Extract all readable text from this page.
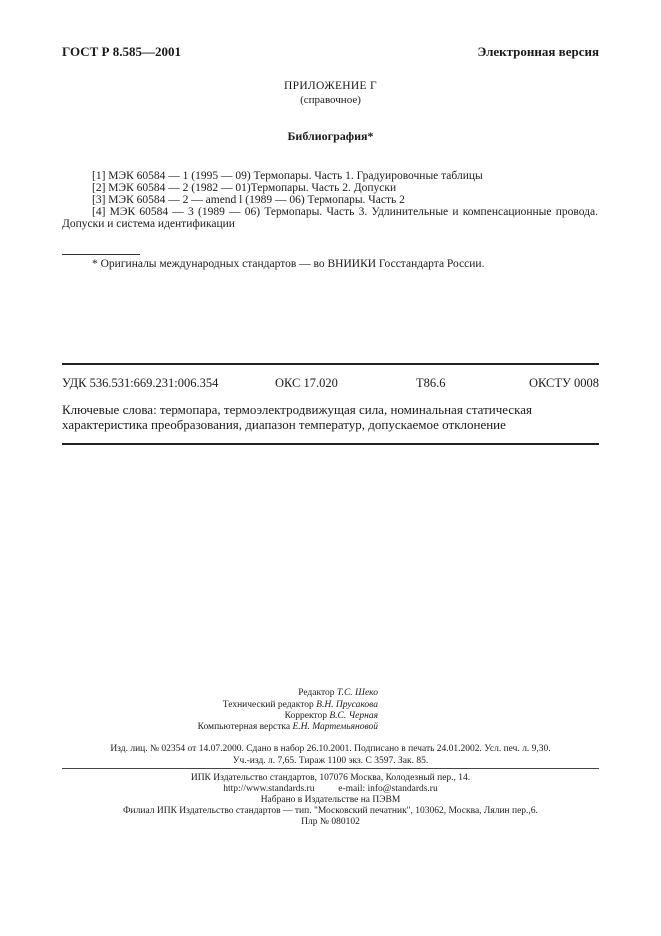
ГОСТ Р 8.585—2001	Электронная версия
ПРИЛОЖЕНИЕ Г
(справочное)
Библиография*
[1] МЭК 60584 — 1 (1995 — 09) Термопары. Часть 1. Градуировочные таблицы
[2] МЭК 60584 — 2 (1982 — 01)Термопары. Часть 2. Допуски
[3] МЭК 60584 — 2 — amend l (1989 — 06) Термопары. Часть 2
[4] МЭК 60584 — 3 (1989 — 06) Термопары. Часть 3. Удлинительные и компенсационные провода.
Допуски и система идентификации
* Оригиналы международных стандартов — во ВНИИКИ Госстандарта России.
УДК 536.531:669.231:006.354	ОКС 17.020	Т86.6	ОКСТУ 0008
Ключевые слова: термопара, термоэлектродвижущая сила, номинальная статическая характеристика преобразования, диапазон температур, допускаемое отклонение
Редактор Т.С. Шеко
Технический редактор В.Н. Прусакова
Корректор В.С. Черная
Компьютерная верстка Е.Н. Мартемьяновой
Изд. лиц. № 02354 от 14.07.2000. Сдано в набор 26.10.2001. Подписано в печать 24.01.2002. Усл. печ. л. 9,30.
Уч.-изд. л. 7,65. Тираж 1100 экз. С 3597. Зак. 85.
ИПК Издательство стандартов, 107076 Москва, Колодезный пер., 14.
http://www.standards.ru          e-mail: info@standards.ru
Набрано в Издательстве на ПЭВМ
Филиал ИПК Издательство стандартов — тип. "Московский печатник", 103062, Москва, Лялин пер.,6.
Плр № 080102
